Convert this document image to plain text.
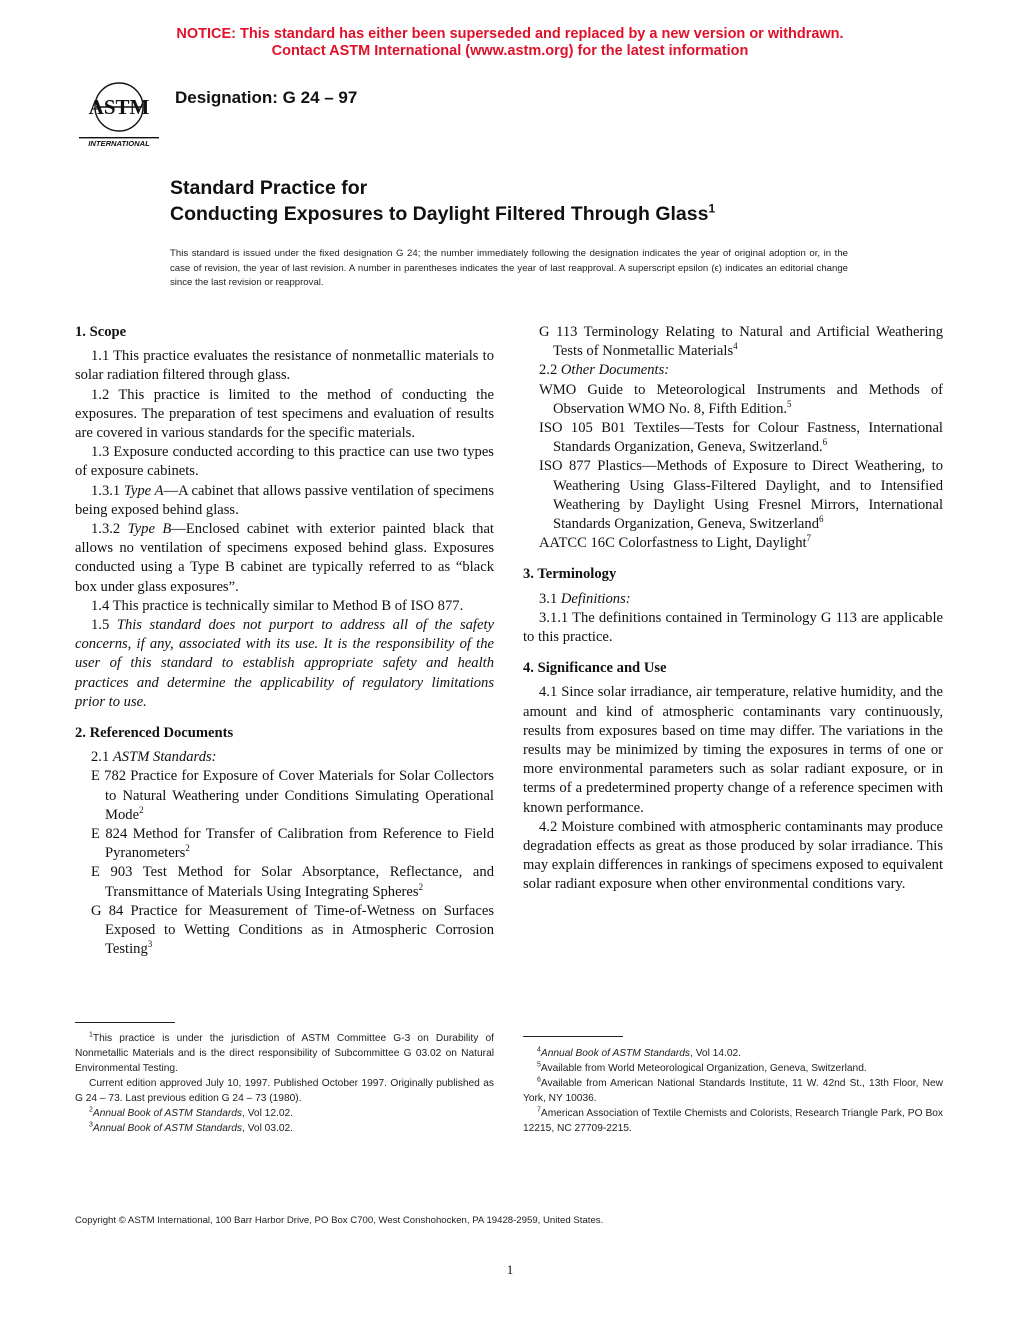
NOTICE: This standard has either been superseded and replaced by a new version or withdrawn.
Contact ASTM International (www.astm.org) for the latest information
ASTM
INTERNATIONAL
Designation: G 24 – 97
Standard Practice for
Conducting Exposures to Daylight Filtered Through Glass$^1$
This standard is issued under the fixed designation G 24; the number immediately following the designation indicates the year of original adoption or, in the case of revision, the year of last revision. A number in parentheses indicates the year of last reapproval. A superscript epsilon (ϵ) indicates an editorial change since the last revision or reapproval.

1. Scope

1.1 This practice evaluates the resistance of nonmetallic materials to solar radiation filtered through glass.

1.2 This practice is limited to the method of conducting the exposures. The preparation of test specimens and evaluation of results are covered in various standards for the specific materials.

1.3 Exposure conducted according to this practice can use two types of exposure cabinets.

1.3.1 Type A—A cabinet that allows passive ventilation of specimens being exposed behind glass.

1.3.2 Type B—Enclosed cabinet with exterior painted black that allows no ventilation of specimens exposed behind glass. Exposures conducted using a Type B cabinet are typically referred to as “black box under glass exposures”.

1.4 This practice is technically similar to Method B of ISO 877.

1.5 This standard does not purport to address all of the safety concerns, if any, associated with its use. It is the responsibility of the user of this standard to establish appropriate safety and health practices and determine the applicability of regulatory limitations prior to use.

2. Referenced Documents

2.1 ASTM Standards:

E 782 Practice for Exposure of Cover Materials for Solar Collectors to Natural Weathering under Conditions Simulating Operational Mode$^2$

E 824 Method for Transfer of Calibration from Reference to Field Pyranometers$^2$

E 903 Test Method for Solar Absorptance, Reflectance, and Transmittance of Materials Using Integrating Spheres$^2$

G 84 Practice for Measurement of Time-of-Wetness on Surfaces Exposed to Wetting Conditions as in Atmospheric Corrosion Testing$^3$

G 113 Terminology Relating to Natural and Artificial Weathering Tests of Nonmetallic Materials$^4$

2.2 Other Documents:

WMO Guide to Meteorological Instruments and Methods of Observation WMO No. 8, Fifth Edition.$^5$

ISO 105 B01 Textiles—Tests for Colour Fastness, International Standards Organization, Geneva, Switzerland.$^6$

ISO 877 Plastics—Methods of Exposure to Direct Weathering, to Weathering Using Glass-Filtered Daylight, and to Intensified Weathering by Daylight Using Fresnel Mirrors, International Standards Organization, Geneva, Switzerland$^6$

AATCC 16C Colorfastness to Light, Daylight$^7$

3. Terminology

3.1 Definitions:

3.1.1 The definitions contained in Terminology G 113 are applicable to this practice.

4. Significance and Use

4.1 Since solar irradiance, air temperature, relative humidity, and the amount and kind of atmospheric contaminants vary continuously, results from exposures based on time may differ. The variations in the results may be minimized by timing the exposures in terms of one or more environmental parameters such as solar radiant exposure, or in terms of a predetermined property change of a reference specimen with known performance.

4.2 Moisture combined with atmospheric contaminants may produce degradation effects as great as those produced by solar irradiance. This may explain differences in rankings of specimens exposed to equivalent solar radiant exposure when other environmental conditions vary.

$^1$This practice is under the jurisdiction of ASTM Committee G-3 on Durability of Nonmetallic Materials and is the direct responsibility of Subcommittee G 03.02 on Natural Environmental Testing.

Current edition approved July 10, 1997. Published October 1997. Originally published as G 24 – 73. Last previous edition G 24 – 73 (1980).

$^2$Annual Book of ASTM Standards, Vol 12.02.

$^3$Annual Book of ASTM Standards, Vol 03.02.

$^4$Annual Book of ASTM Standards, Vol 14.02.

$^5$Available from World Meteorological Organization, Geneva, Switzerland.

$^6$Available from American National Standards Institute, 11 W. 42nd St., 13th Floor, New York, NY 10036.

$^7$American Association of Textile Chemists and Colorists, Research Triangle Park, PO Box 12215, NC 27709-2215.

Copyright © ASTM International, 100 Barr Harbor Drive, PO Box C700, West Conshohocken, PA 19428-2959, United States.
1
